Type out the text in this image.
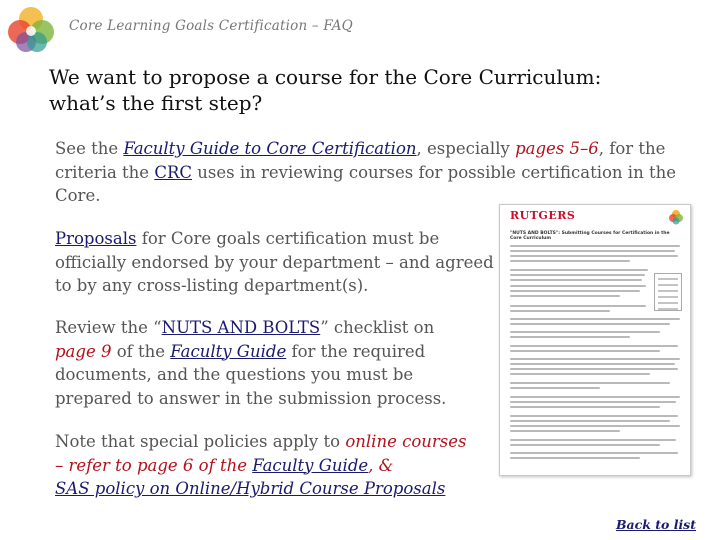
Core Learning Goals Certification – FAQ
We want to propose a course for the Core Curriculum:
what’s the first step?

See the Faculty Guide to Core Certification, especially pages 5–6, for the criteria the CRC uses in reviewing courses for possible certification in the Core.

Proposals for Core goals certification must be officially endorsed by your department – and agreed to by any cross-listing department(s).

Review the “NUTS AND BOLTS” checklist on page 9 of the Faculty Guide for the required documents, and the questions you must be prepared to answer in the submission process.

Note that special policies apply to online courses – refer to page 6 of the Faculty Guide, &
SAS policy on Online/Hybrid Course Proposals

RUTGERS
"NUTS AND BOLTS": Submitting Courses for Certification in the Core Curriculum
Back to list
